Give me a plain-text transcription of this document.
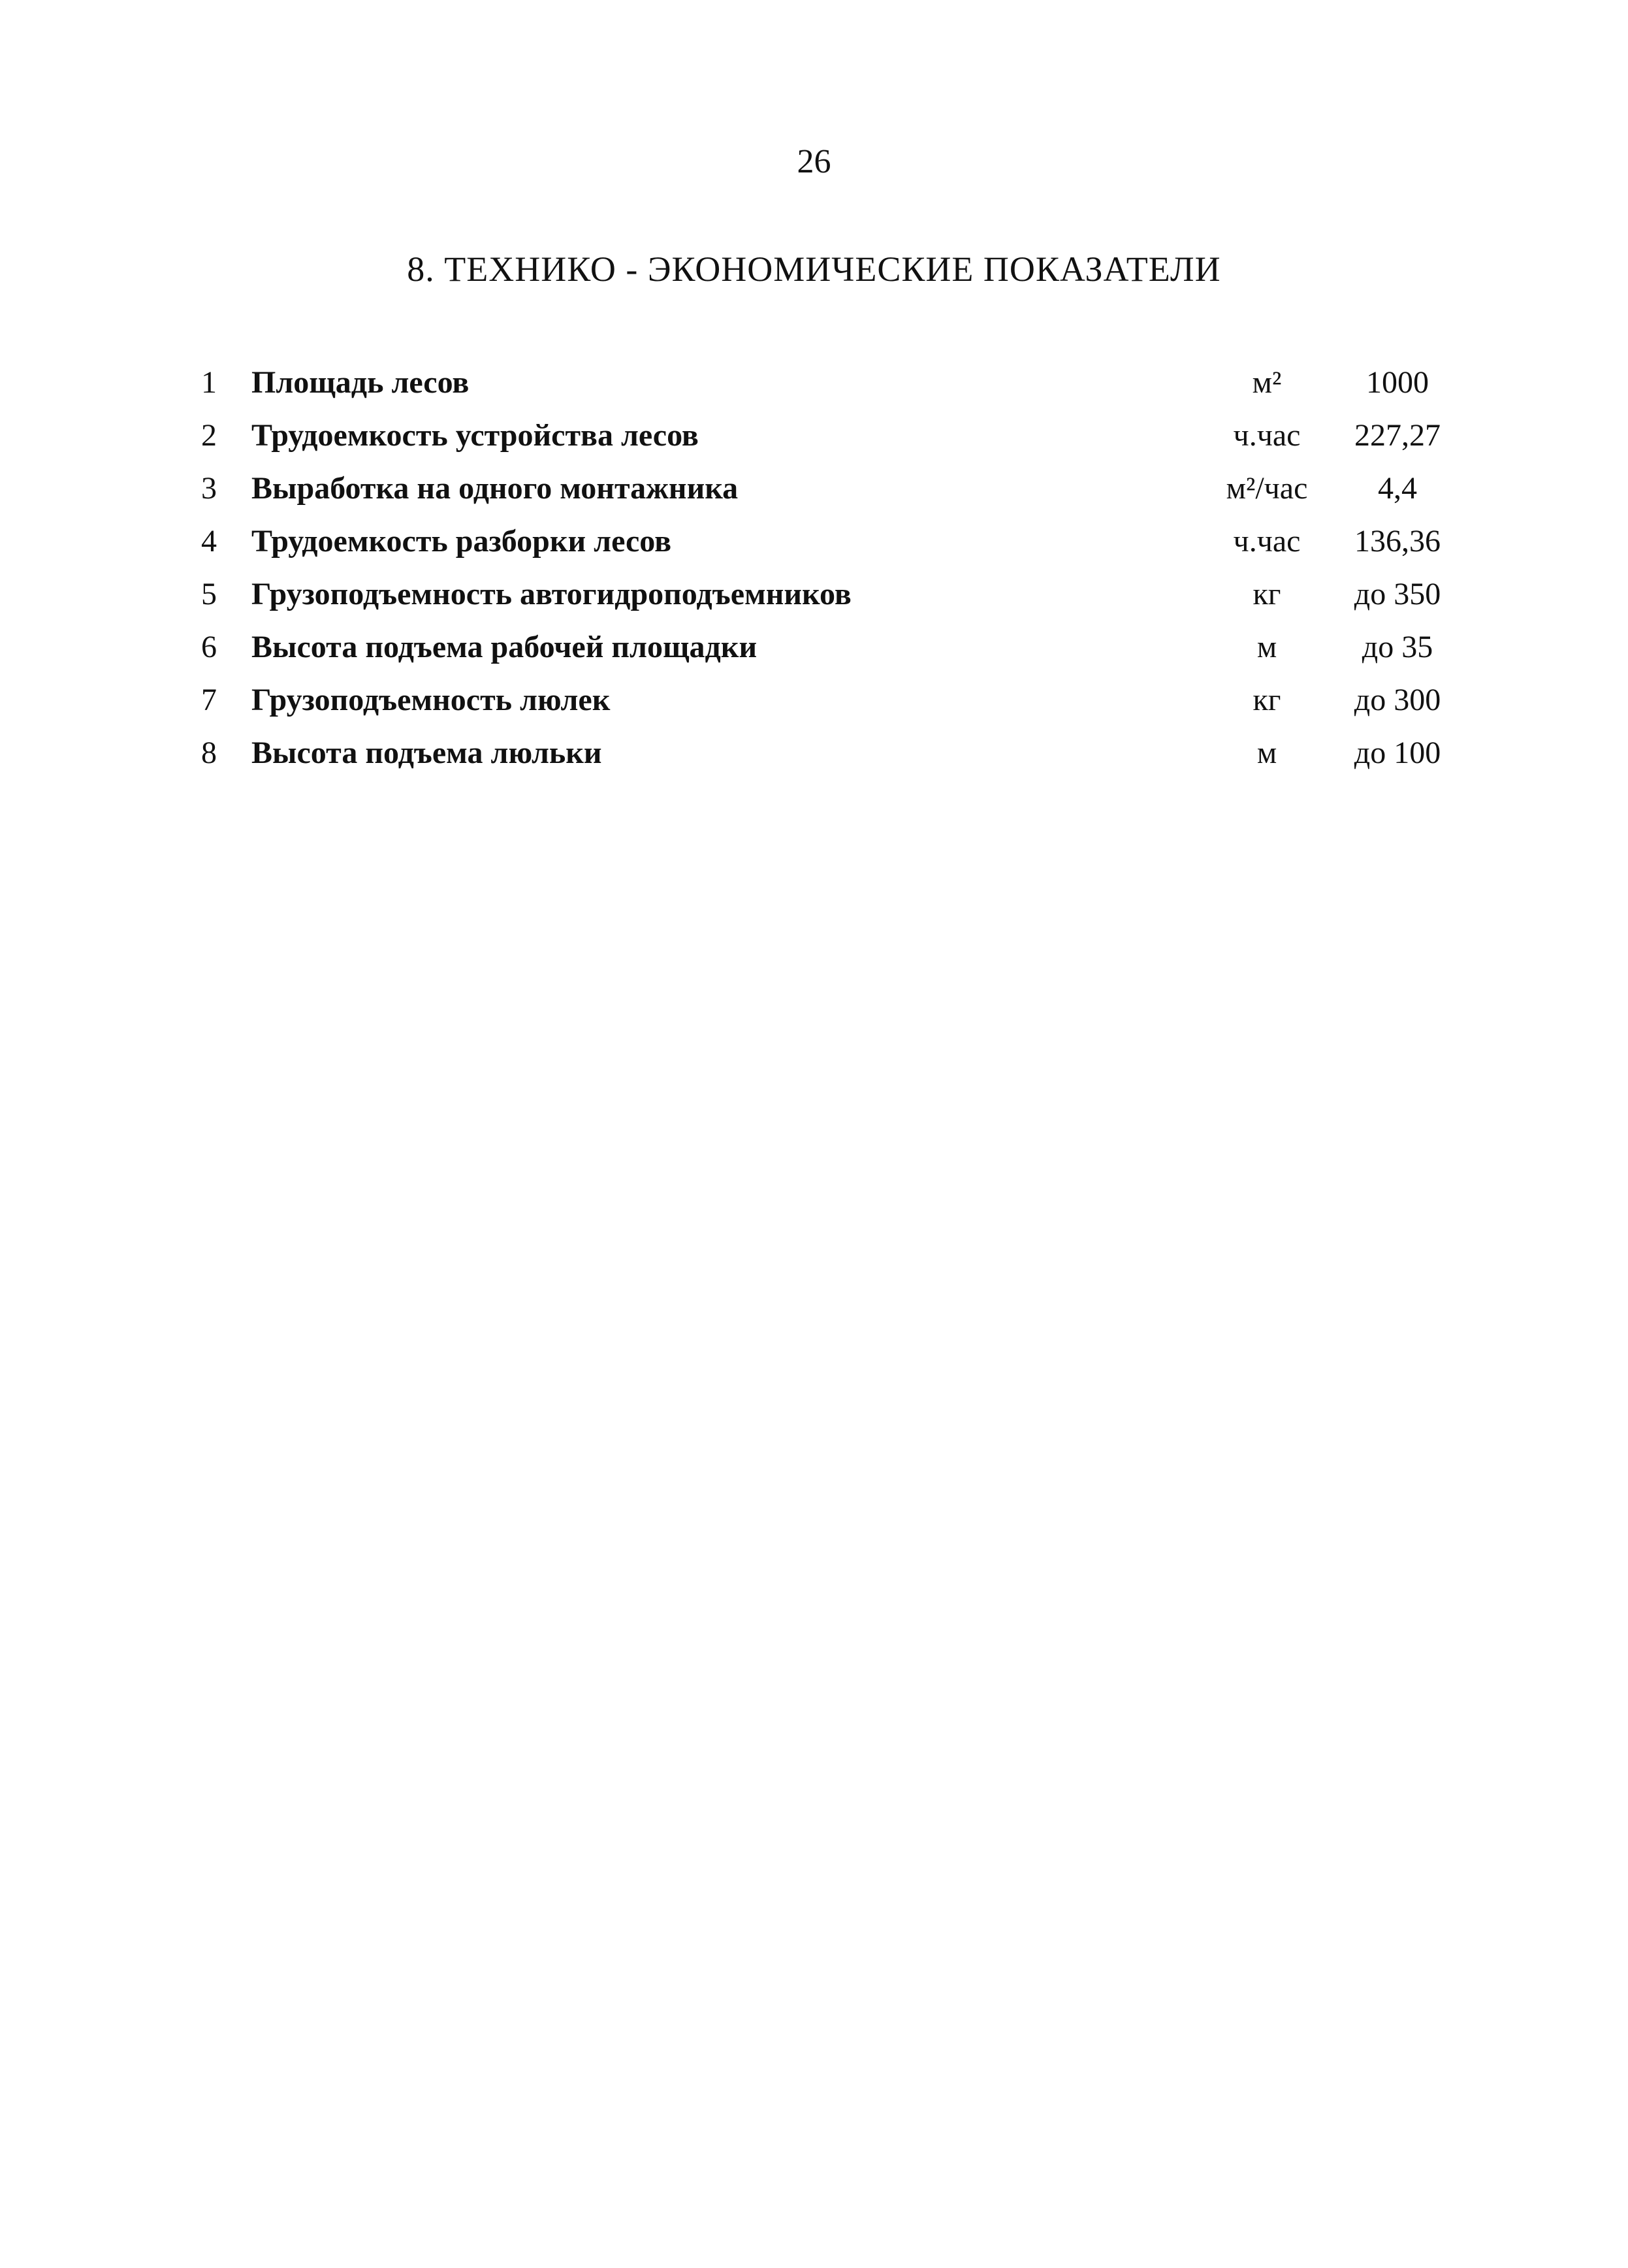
26
8. ТЕХНИКО - ЭКОНОМИЧЕСКИЕ ПОКАЗАТЕЛИ
1	Площадь лесов	м²	1000
2	Трудоемкость устройства лесов	ч.час	227,27
3	Выработка на одного монтажника	м²/час	4,4
4	Трудоемкость разборки лесов	ч.час	136,36
5	Грузоподъемность автогидроподъемников	кг	до 350
6	Высота подъема рабочей площадки	м	до 35
7	Грузоподъемность люлек	кг	до 300
8	Высота подъема люльки	м	до 100
